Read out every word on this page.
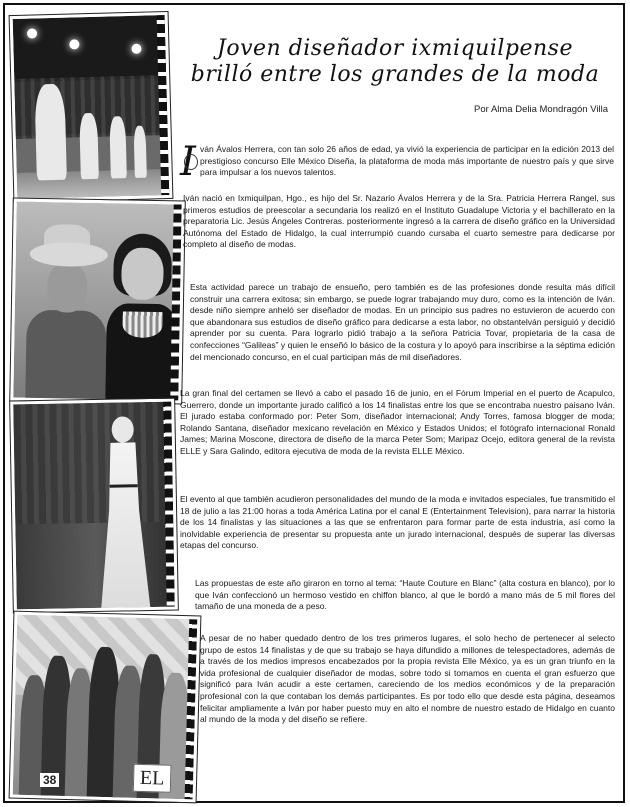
EL
38
Joven diseñador ixmiquilpense
brilló entre los grandes de la moda
Por Alma Delia Mondragón Villa
I ván Ávalos Herrera, con tan solo 26 años de edad, ya vivió la experiencia de participar en la edición 2013 del prestigioso concurso Elle México Diseña, la plataforma de moda más importante de nuestro país y que sirve para impulsar a los nuevos talentos.

Iván nació en Ixmiquilpan, Hgo., es hijo del Sr. Nazario Ávalos Herrera y de la Sra. Patricia Herrera Rangel, sus primeros estudios de preescolar a secundaria los realizó en el Instituto Guadalupe Victoria y el bachillerato en la preparatoria Lic. Jesús Ángeles Contreras. posteriormente ingresó a la carrera de diseño gráfico en la Universidad Autónoma del Estado de Hidalgo, la cual interrumpió cuando cursaba el cuarto semestre para dedicarse por completo al diseño de modas.

Esta actividad parece un trabajo de ensueño, pero también es de las profesiones donde resulta más difícil construir una carrera exitosa; sin embargo, se puede lograr trabajando muy duro, como es la intención de Iván. desde niño siempre anheló ser diseñador de modas. En un principio sus padres no estuvieron de acuerdo con que abandonara sus estudios de diseño gráfico para dedicarse a esta labor, no obstantelván persiguió y decidió aprender por su cuenta. Para lograrlo pidió trabajo a la señora Patricia Tovar, propietaria de la casa de confecciones “Galileas” y quien le enseñó lo básico de la costura y lo apoyó para inscribirse a la séptima edición del mencionado concurso, en el cual participan más de mil diseñadores.

La gran final del certamen se llevó a cabo el pasado 16 de junio, en el Fórum Imperial en el puerto de Acapulco, Guerrero, donde un importante jurado calificó a los 14 finalistas entre los que se encontraba nuestro paisano Iván. El jurado estaba conformado por: Peter Som, diseñador internacional; Andy Torres, famosa blogger de moda; Rolando Santana, diseñador mexicano revelación en México y Estados Unidos; el fotógrafo internacional Ronald James; Marina Moscone, directora de diseño de la marca Peter Som; Maripaz Ocejo, editora general de la revista ELLE y Sara Galindo, editora ejecutiva de moda de la revista ELLE México.

El evento al que también acudieron personalidades del mundo de la moda e invitados especiales, fue transmitido el 18 de julio a las 21:00 horas a toda América Latina por el canal E (Entertainment Television), para narrar la historia de los 14 finalistas y las situaciones a las que se enfrentaron para formar parte de esta industria, así como la inolvidable experiencia de presentar su propuesta ante un jurado internacional, después de superar las diversas etapas del concurso.

Las propuestas de este año giraron en torno al tema: “Haute Couture en Blanc” (alta costura en blanco), por lo que Iván confeccionó un hermoso vestido en chiffon blanco, al que le bordó a mano más de 5 mil flores del tamaño de una moneda de a peso.

A pesar de no haber quedado dentro de los tres primeros lugares, el solo hecho de pertenecer al selecto grupo de estos 14 finalistas y de que su trabajo se haya difundido a millones de telespectadores, además de a través de los medios impresos encabezados por la propia revista Elle México, ya es un gran triunfo en la vida profesional de cualquier diseñador de modas, sobre todo si tomamos en cuenta el gran esfuerzo que significó para Iván acudir a este certamen, careciendo de los medios económicos y de la preparación profesional con la que contaban los demás participantes. Es por todo ello que desde esta página, deseamos felicitar ampliamente a Iván por haber puesto muy en alto el nombre de nuestro estado de Hidalgo en cuanto al mundo de la moda y del diseño se refiere.
